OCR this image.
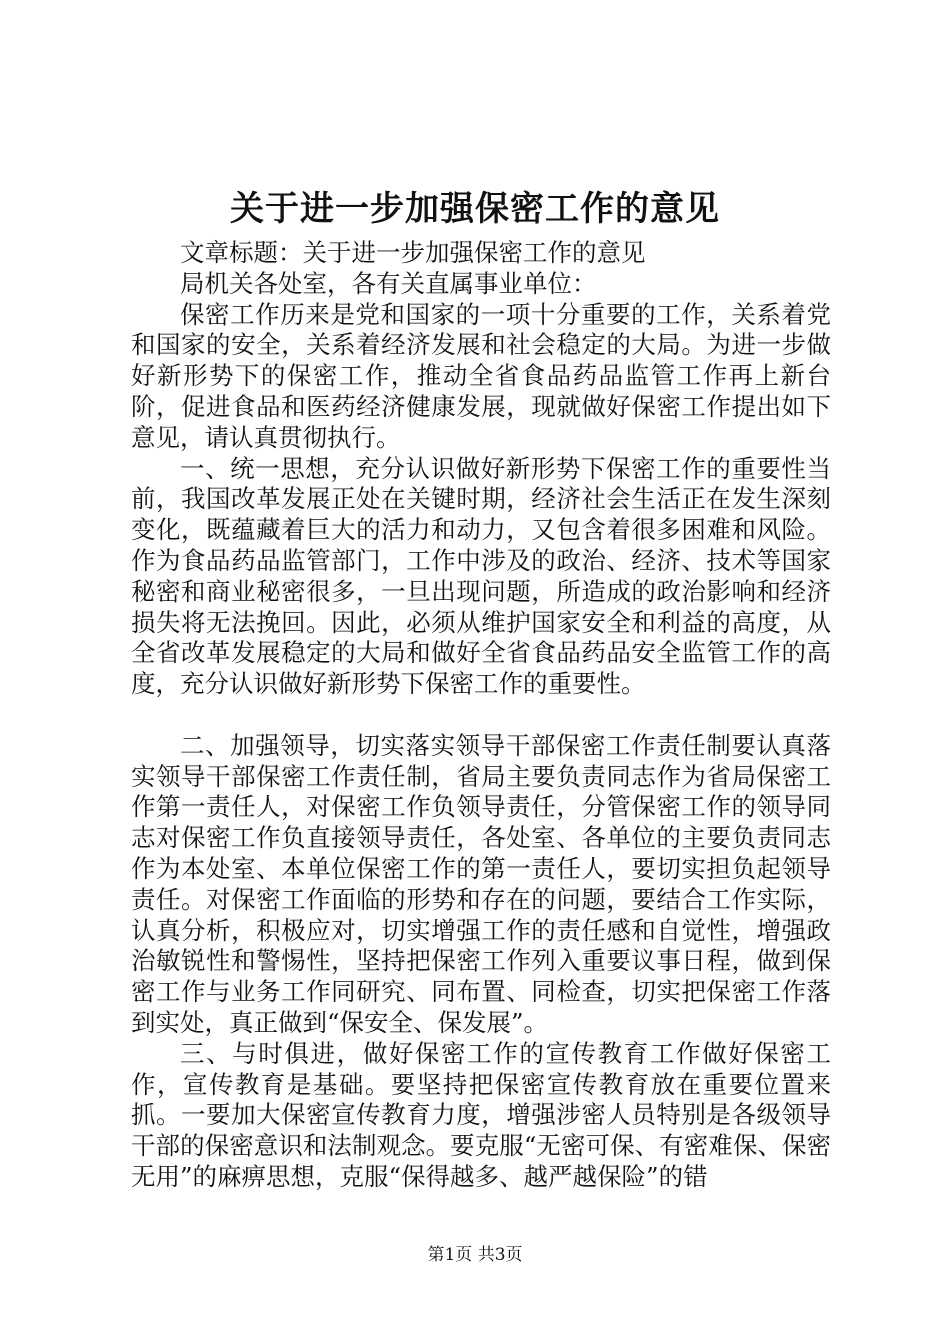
关于进一步加强保密工作的意见

文章标题：关于进一步加强保密工作的意见

局机关各处室，各有关直属事业单位：

保密工作历来是党和国家的一项十分重要的工作，关系着党和国家的安全，关系着经济发展和社会稳定的大局。为进一步做好新形势下的保密工作，推动全省食品药品监管工作再上新台阶，促进食品和医药经济健康发展，现就做好保密工作提出如下意见，请认真贯彻执行。

一、统一思想，充分认识做好新形势下保密工作的重要性当前，我国改革发展正处在关键时期，经济社会生活正在发生深刻变化，既蕴藏着巨大的活力和动力，又包含着很多困难和风险。作为食品药品监管部门，工作中涉及的政治、经济、技术等国家秘密和商业秘密很多，一旦出现问题，所造成的政治影响和经济损失将无法挽回。因此，必须从维护国家安全和利益的高度，从全省改革发展稳定的大局和做好全省食品药品安全监管工作的高度，充分认识做好新形势下保密工作的重要性。

二、加强领导，切实落实领导干部保密工作责任制要认真落实领导干部保密工作责任制，省局主要负责同志作为省局保密工作第一责任人，对保密工作负领导责任，分管保密工作的领导同志对保密工作负直接领导责任，各处室、各单位的主要负责同志作为本处室、本单位保密工作的第一责任人，要切实担负起领导责任。对保密工作面临的形势和存在的问题，要结合工作实际，认真分析，积极应对，切实增强工作的责任感和自觉性，增强政治敏锐性和警惕性，坚持把保密工作列入重要议事日程，做到保密工作与业务工作同研究、同布置、同检查，切实把保密工作落到实处，真正做到“保安全、保发展”。

三、与时俱进，做好保密工作的宣传教育工作做好保密工作，宣传教育是基础。要坚持把保密宣传教育放在重要位置来抓。一要加大保密宣传教育力度，增强涉密人员特别是各级领导干部的保密意识和法制观念。要克服“无密可保、有密难保、保密无用”的麻痹思想，克服“保得越多、越严越保险”的错

第1页 共3页
